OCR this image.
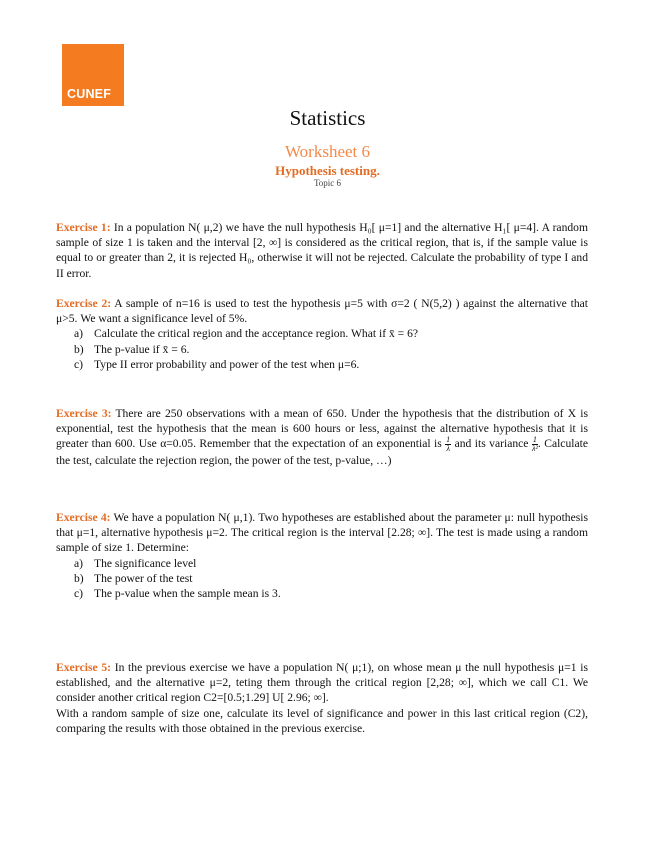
CUNEF
Statistics
Worksheet 6
Hypothesis testing.
Topic 6
Exercise 1: In a population N( μ,2) we have the null hypothesis H₀[ μ=1] and the alternative H₁[ μ=4]. A random sample of size 1 is taken and the interval [2, ∞] is considered as the critical region, that is, if the sample value is equal to or greater than 2, it is rejected H₀, otherwise it will not be rejected. Calculate the probability of type I and II error.
Exercise 2: A sample of n=16 is used to test the hypothesis μ=5 with σ=2 ( N(5,2) ) against the alternative that μ>5. We want a significance level of 5%.
a) Calculate the critical region and the acceptance region. What if x̄ = 6?
b) The p-value if x̄ = 6.
c) Type II error probability and power of the test when μ=6.
Exercise 3: There are 250 observations with a mean of 650. Under the hypothesis that the distribution of X is exponential, test the hypothesis that the mean is 600 hours or less, against the alternative hypothesis that it is greater than 600. Use α=0.05. Remember that the expectation of an exponential is $\frac{1}{\lambda}$ and its variance $\frac{1}{\text{λ²}}$ . Calculate the test, calculate the rejection region, the power of the test, p-value, …)
Exercise 4: We have a population N( μ,1). Two hypotheses are established about the parameter μ: null hypothesis that μ=1, alternative hypothesis μ=2. The critical region is the interval [2.28; ∞]. The test is made using a random sample of size 1. Determine:
a) The significance level
b) The power of the test
c) The p-value when the sample mean is 3.
Exercise 5: In the previous exercise we have a population N( μ;1), on whose mean μ the null hypothesis μ=1 is established, and the alternative μ=2, teting them through the critical region [2,28; ∞], which we call C1. We consider another critical region C2=[0.5;1.29] U[ 2.96; ∞].
With a random sample of size one, calculate its level of significance and power in this last critical region (C2), comparing the results with those obtained in the previous exercise.
